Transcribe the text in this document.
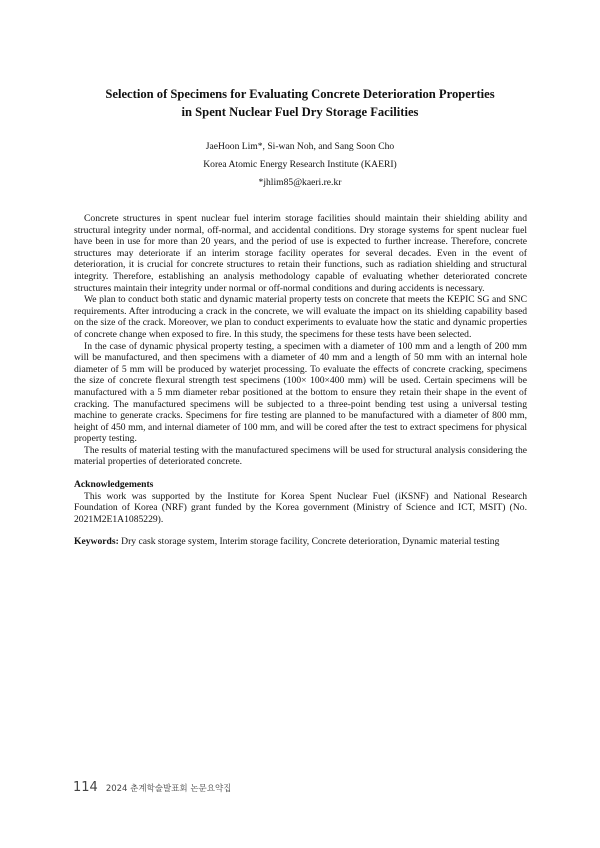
Selection of Specimens for Evaluating Concrete Deterioration Properties
in Spent Nuclear Fuel Dry Storage Facilities
JaeHoon Lim*, Si-wan Noh, and Sang Soon Cho
Korea Atomic Energy Research Institute (KAERI)
*jhlim85@kaeri.re.kr

Concrete structures in spent nuclear fuel interim storage facilities should maintain their shielding ability and structural integrity under normal, off-normal, and accidental conditions. Dry storage systems for spent nuclear fuel have been in use for more than 20 years, and the period of use is expected to further increase. Therefore, concrete structures may deteriorate if an interim storage facility operates for several decades. Even in the event of deterioration, it is crucial for concrete structures to retain their functions, such as radiation shielding and structural integrity. Therefore, establishing an analysis methodology capable of evaluating whether deteriorated concrete structures maintain their integrity under normal or off-normal conditions and during accidents is necessary.

We plan to conduct both static and dynamic material property tests on concrete that meets the KEPIC SG and SNC requirements. After introducing a crack in the concrete, we will evaluate the impact on its shielding capability based on the size of the crack. Moreover, we plan to conduct experiments to evaluate how the static and dynamic properties of concrete change when exposed to fire. In this study, the specimens for these tests have been selected.

In the case of dynamic physical property testing, a specimen with a diameter of 100 mm and a length of 200 mm will be manufactured, and then specimens with a diameter of 40 mm and a length of 50 mm with an internal hole diameter of 5 mm will be produced by waterjet processing. To evaluate the effects of concrete cracking, specimens the size of concrete flexural strength test specimens (100× 100×400 mm) will be used. Certain specimens will be manufactured with a 5 mm diameter rebar positioned at the bottom to ensure they retain their shape in the event of cracking. The manufactured specimens will be subjected to a three-point bending test using a universal testing machine to generate cracks. Specimens for fire testing are planned to be manufactured with a diameter of 800 mm, height of 450 mm, and internal diameter of 100 mm, and will be cored after the test to extract specimens for physical property testing.

The results of material testing with the manufactured specimens will be used for structural analysis considering the material properties of deteriorated concrete.

Acknowledgements

This work was supported by the Institute for Korea Spent Nuclear Fuel (iKSNF) and National Research Foundation of Korea (NRF) grant funded by the Korea government (Ministry of Science and ICT, MSIT) (No. 2021M2E1A1085229).

Keywords: Dry cask storage system, Interim storage facility, Concrete deterioration, Dynamic material testing

114 2024 춘계학술발표회 논문요약집
